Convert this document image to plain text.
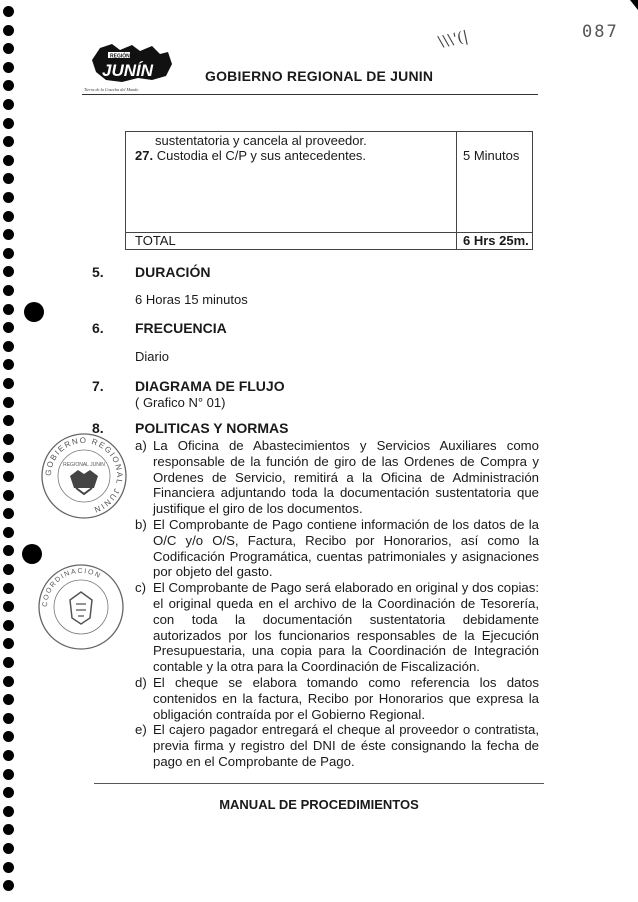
087
\\\'(|
REGIÓN
JUNÍN
Tierra de la Cosecha del Mundo
GOBIERNO REGIONAL DE JUNIN
sustentatoria y cancela al proveedor.
27. Custodia el C/P y sus antecedentes.	5 Minutos
TOTAL	6 Hrs 25m.
5. DURACIÓN
6 Horas 15 minutos
6. FRECUENCIA
Diario
7. DIAGRAMA DE FLUJO
( Grafico N° 01)
8. POLITICAS Y NORMAS

a) La Oficina de Abastecimientos y Servicios Auxiliares como responsable de la función de giro de las Ordenes de Compra y Ordenes de Servicio, remitirá a la Oficina de Administración Financiera adjuntando toda la documentación sustentatoria que justifique el giro de los documentos.

b) El Comprobante de Pago contiene información de los datos de la O/C y/o O/S, Factura, Recibo por Honorarios, así como la Codificación Programática, cuentas patrimoniales y asignaciones por objeto del gasto.

c) El Comprobante de Pago será elaborado en original y dos copias: el original queda en el archivo de la Coordinación de Tesorería, con toda la documentación sustentatoria debidamente autorizados por los funcionarios responsables de la Ejecución Presupuestaria, una copia para la Coordinación de Integración contable y la otra para la Coordinación de Fiscalización.

d) El cheque se elabora tomando como referencia los datos contenidos en la factura, Recibo por Honorarios que expresa la obligación contraída por el Gobierno Regional.

e) El cajero pagador entregará el cheque al proveedor o contratista, previa firma y registro del DNI de éste consignando la fecha de pago en el Comprobante de Pago.

GOBIERNO REGIONAL JUNIN
REGIONAL JUNIN
COORDINACION
MANUAL DE PROCEDIMIENTOS
